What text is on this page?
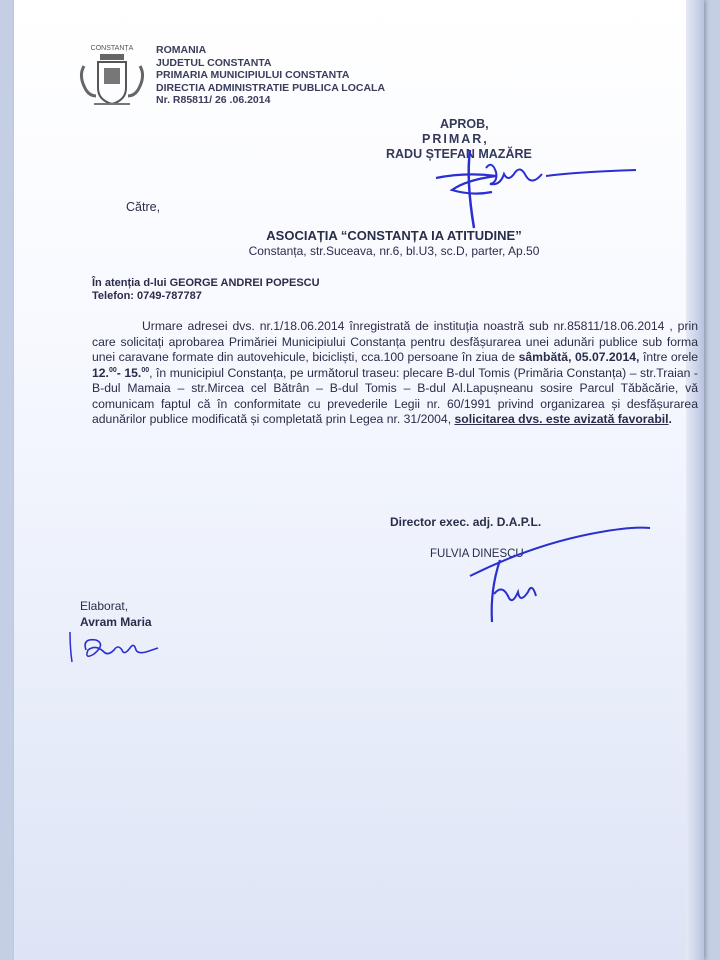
CONSTANȚA ROMANIA
JUDETUL CONSTANTA
PRIMARIA MUNICIPIULUI CONSTANTA
DIRECTIA ADMINISTRATIE PUBLICA LOCALA
Nr. R85811/ 26 .06.2014
APROB,
PRIMAR,
RADU ȘTEFAN MAZĂRE
Către,
ASOCIAȚIA “CONSTANȚA IA ATITUDINE”
Constanța, str.Suceava, nr.6, bl.U3, sc.D, parter, Ap.50
În atenția d-lui GEORGE ANDREI POPESCU
Telefon: 0749-787787

Urmare adresei dvs. nr.1/18.06.2014 înregistrată de instituția noastră sub nr.85811/18.06.2014 , prin care solicitați aprobarea Primăriei Municipiului Constanța pentru desfășurarea unei adunări publice sub forma unei caravane formate din autovehicule, bicicliști, cca.100 persoane în ziua de sâmbătă, 05.07.2014, între orele 12.00- 15.00, în municipiul Constanța, pe următorul traseu: plecare B-dul Tomis (Primăria Constanța) – str.Traian - B-dul Mamaia – str.Mircea cel Bătrân – B-dul Tomis – B-dul Al.Lapușneanu sosire Parcul Tăbăcărie, vă comunicam faptul că în conformitate cu prevederile Legii nr. 60/1991 privind organizarea și desfășurarea adunărilor publice modificată și completată prin Legea nr. 31/2004, solicitarea dvs. este avizată favorabil.

Director exec. adj. D.A.P.L.
FULVIA DINESCU
Elaborat,
Avram Maria
